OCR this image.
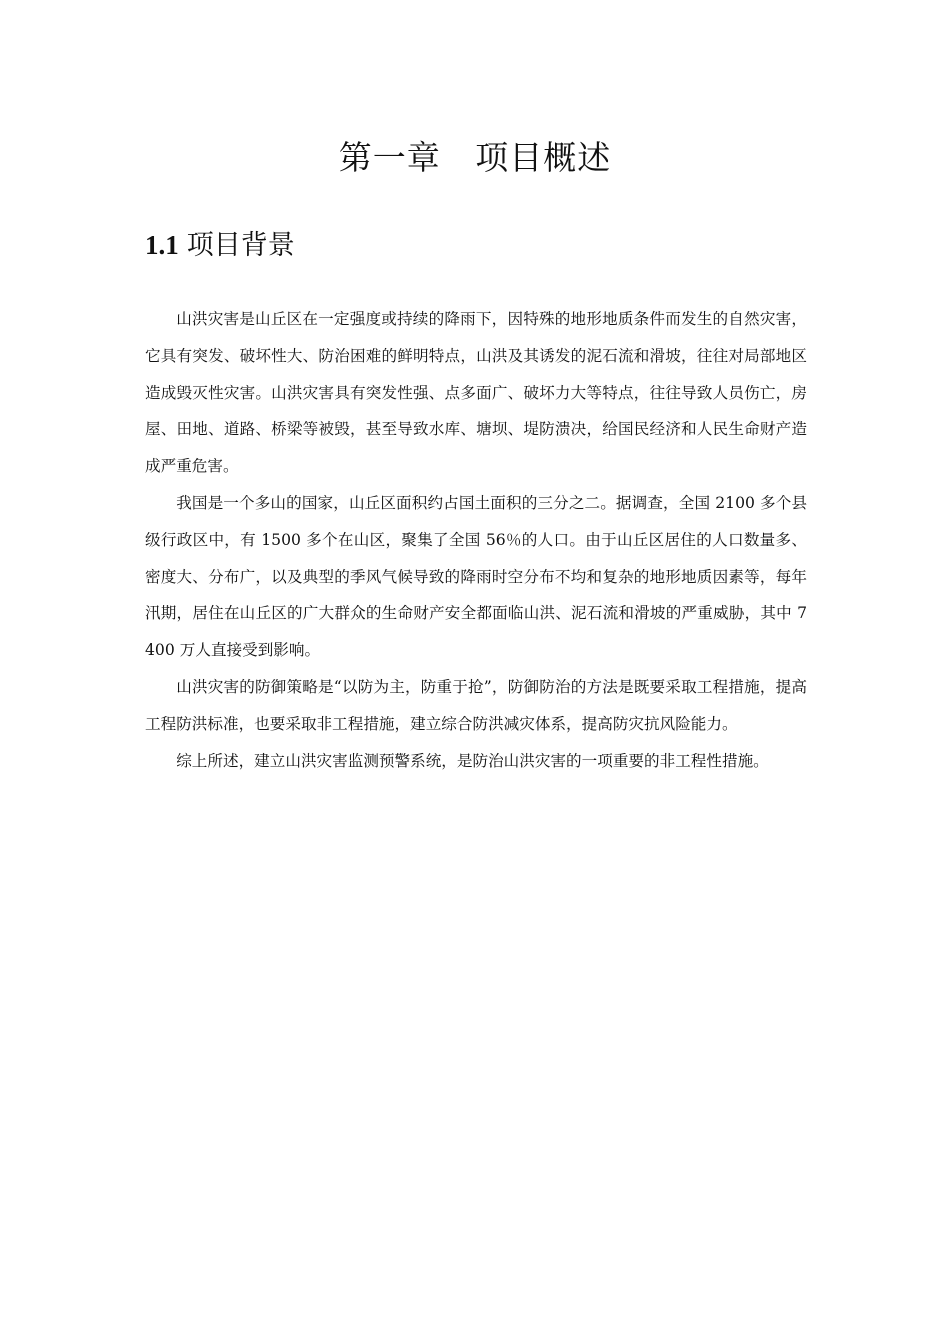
第一章   项目概述
1.1 项目背景

山洪灾害是山丘区在一定强度或持续的降雨下，因特殊的地形地质条件而发生的自然灾害，它具有突发、破坏性大、防治困难的鲜明特点，山洪及其诱发的泥石流和滑坡，往往对局部地区造成毁灭性灾害。山洪灾害具有突发性强、点多面广、破坏力大等特点，往往导致人员伤亡，房屋、田地、道路、桥梁等被毁，甚至导致水库、塘坝、堤防溃决，给国民经济和人民生命财产造成严重危害。

我国是一个多山的国家，山丘区面积约占国土面积的三分之二。据调查，全国 2100 多个县级行政区中，有 1500 多个在山区，聚集了全国 56％的人口。由于山丘区居住的人口数量多、密度大、分布广，以及典型的季风气候导致的降雨时空分布不均和复杂的地形地质因素等，每年汛期，居住在山丘区的广大群众的生命财产安全都面临山洪、泥石流和滑坡的严重威胁，其中 7400 万人直接受到影响。

山洪灾害的防御策略是“以防为主，防重于抢”，防御防治的方法是既要采取工程措施，提高工程防洪标准，也要采取非工程措施，建立综合防洪减灾体系，提高防灾抗风险能力。

综上所述，建立山洪灾害监测预警系统，是防治山洪灾害的一项重要的非工程性措施。
